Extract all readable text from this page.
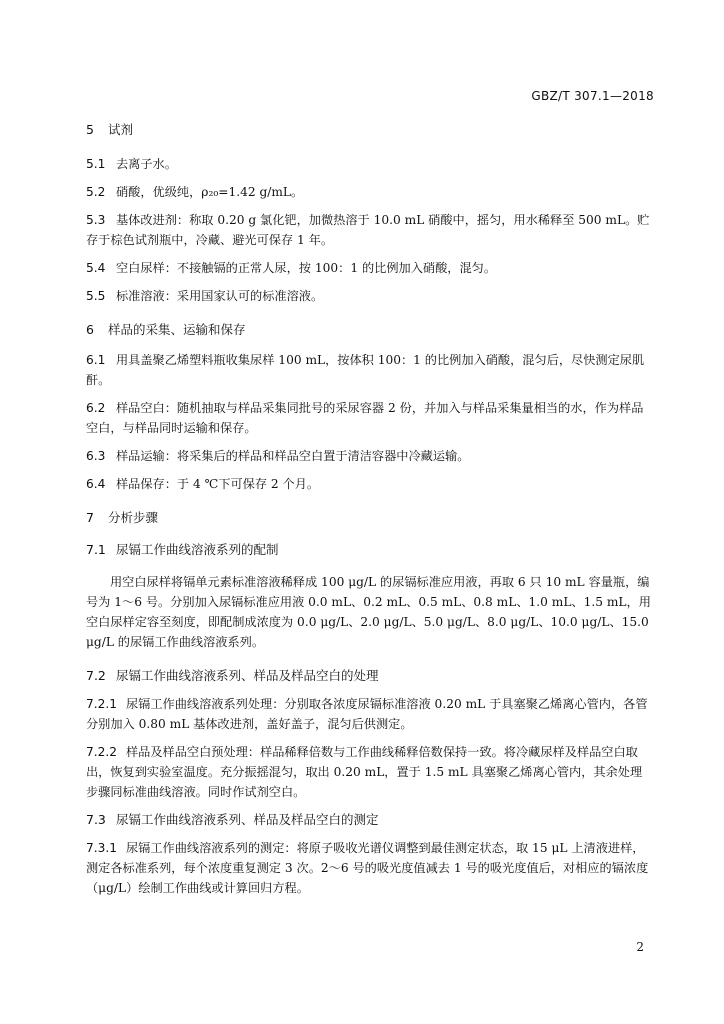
GBZ/T 307.1—2018

5 试剂

5.1 去离子水。

5.2 硝酸，优级纯，ρ₂₀=1.42 g/mL。

5.3 基体改进剂：称取 0.20 g 氯化钯，加微热溶于 10.0 mL 硝酸中，摇匀，用水稀释至 500 mL。贮存于棕色试剂瓶中，冷藏、避光可保存 1 年。

5.4 空白尿样：不接触镉的正常人尿，按 100：1 的比例加入硝酸，混匀。

5.5 标准溶液：采用国家认可的标准溶液。

6 样品的采集、运输和保存

6.1 用具盖聚乙烯塑料瓶收集尿样 100 mL，按体积 100：1 的比例加入硝酸，混匀后，尽快测定尿肌酐。

6.2 样品空白：随机抽取与样品采集同批号的采尿容器 2 份，并加入与样品采集量相当的水，作为样品空白，与样品同时运输和保存。

6.3 样品运输：将采集后的样品和样品空白置于清洁容器中冷藏运输。

6.4 样品保存：于 4 ℃下可保存 2 个月。

7 分析步骤

7.1 尿镉工作曲线溶液系列的配制

用空白尿样将镉单元素标准溶液稀释成 100 μg/L 的尿镉标准应用液，再取 6 只 10 mL 容量瓶，编号为 1～6 号。分别加入尿镉标准应用液 0.0 mL、0.2 mL、0.5 mL、0.8 mL、1.0 mL、1.5 mL，用空白尿样定容至刻度，即配制成浓度为 0.0 μg/L、2.0 μg/L、5.0 μg/L、8.0 μg/L、10.0 μg/L、15.0 μg/L 的尿镉工作曲线溶液系列。

7.2 尿镉工作曲线溶液系列、样品及样品空白的处理

7.2.1 尿镉工作曲线溶液系列处理：分别取各浓度尿镉标准溶液 0.20 mL 于具塞聚乙烯离心管内，各管分别加入 0.80 mL 基体改进剂，盖好盖子，混匀后供测定。

7.2.2 样品及样品空白预处理：样品稀释倍数与工作曲线稀释倍数保持一致。将冷藏尿样及样品空白取出，恢复到实验室温度。充分振摇混匀，取出 0.20 mL，置于 1.5 mL 具塞聚乙烯离心管内，其余处理步骤同标准曲线溶液。同时作试剂空白。

7.3 尿镉工作曲线溶液系列、样品及样品空白的测定

7.3.1 尿镉工作曲线溶液系列的测定：将原子吸收光谱仪调整到最佳测定状态，取 15 μL 上清液进样，测定各标准系列，每个浓度重复测定 3 次。2～6 号的吸光度值减去 1 号的吸光度值后，对相应的镉浓度（μg/L）绘制工作曲线或计算回归方程。

2
